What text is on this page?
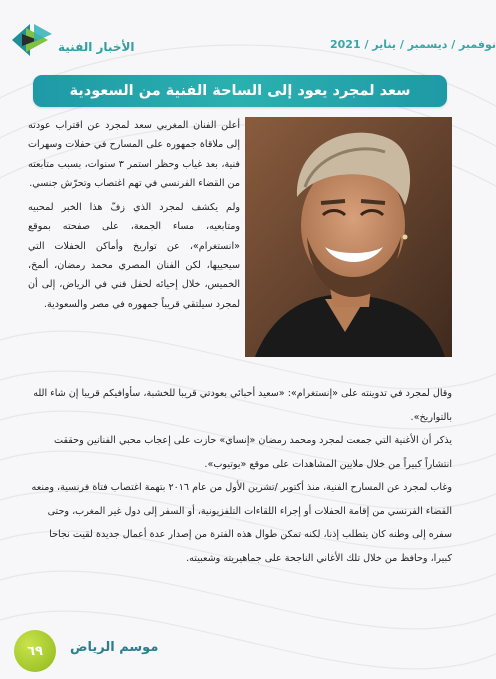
الأخبار الفنية	نوفمبر / ديسمبر / يناير / 2021
سعد لمجرد يعود إلى الساحة الفنية من السعودية

أعلن الفنان المغربي سعد لمجرد عن اقتراب عودته إلى ملاقاة جمهوره على المسارح في حفلات وسهرات فنية، بعد غياب وحظر استمر ٣ سنوات، بسبب متابعته من القضاء الفرنسي في تهم اغتصاب وتحرّش جنسي.

ولم يكشف لمجرد الذي زفّ هذا الخبر لمحبيه ومتابعيه، مساء الجمعة، على صفحته بموقع «انستغرام»، عن تواريخ وأماكن الحفلات التي سيحييها، لكن الفنان المصري محمد رمضان، ألمحَ، الخميس، خلال إحيائه لحفل فني في الرياض، إلى أن لمجرد سيلتقي قريباً جمهوره في مصر والسعودية.

وقال لمجرد في تدوينته على «إنستغرام»: «سعيد أحبائي بعودتي قريبا للخشبة، سأوافيكم قريبا إن شاء الله بالتواريخ».

يذكر أن الأغنية التي جمعت لمجرد ومحمد رمضان «إنساي» حازت على إعجاب محبي الفنانين وحققت انتشاراً كبيراً من خلال ملايين المشاهدات على موقع «يوتيوب».

وغاب لمجرد عن المسارح الفنية، منذ أكتوبر /تشرين الأول من عام ٢٠١٦ بتهمة اغتصاب فتاة فرنسية، ومنعه القضاء الفرنسي من إقامة الحفلات أو إجراء اللقاءات التلفزيونية، أو السفر إلى دول غير المغرب، وحتى سفره إلى وطنه كان يتطلب إذنا، لكنه تمكن طوال هذه الفترة من إصدار عدة أعمال جديدة لقيت نجاحا كبيرا، وحافظ من خلال تلك الأغاني الناجحة على جماهيريته وشعبيته.

٦٩ موسم الرياض
